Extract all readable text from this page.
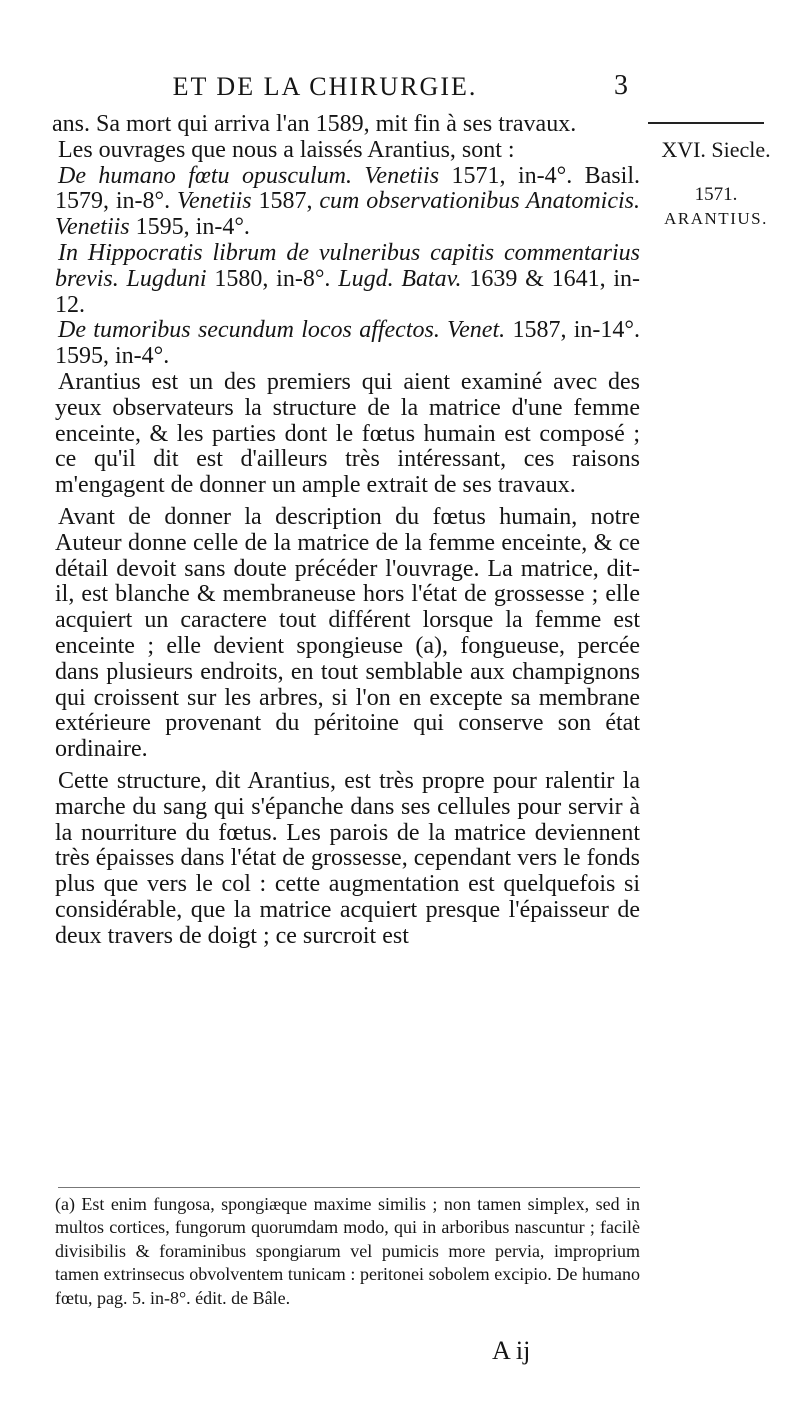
ET DE LA CHIRURGIE.	3
XVI. Siecle.
1571.
ARANTIUS.

ans. Sa mort qui arriva l'an 1589, mit fin à ses travaux.

Les ouvrages que nous a laissés Arantius, sont :

De humano fœtu opusculum. Venetiis 1571, in-4°. Basil. 1579, in-8°. Venetiis 1587, cum observationibus Anatomicis. Venetiis 1595, in-4°.

In Hippocratis librum de vulneribus capitis commentarius brevis. Lugduni 1580, in-8°. Lugd. Batav. 1639 & 1641, in-12.

De tumoribus secundum locos affectos. Venet. 1587, in-14°. 1595, in-4°.

Arantius est un des premiers qui aient examiné avec des yeux observateurs la structure de la matrice d'une femme enceinte, & les parties dont le fœtus humain est composé ; ce qu'il dit est d'ailleurs très intéressant, ces raisons m'engagent de donner un ample extrait de ses travaux.

Avant de donner la description du fœtus humain, notre Auteur donne celle de la matrice de la femme enceinte, & ce détail devoit sans doute précéder l'ouvrage. La matrice, dit-il, est blanche & membraneuse hors l'état de grossesse ; elle acquiert un caractere tout différent lorsque la femme est enceinte ; elle devient spongieuse (a), fongueuse, percée dans plusieurs endroits, en tout semblable aux champignons qui croissent sur les arbres, si l'on en excepte sa membrane extérieure provenant du péritoine qui conserve son état ordinaire.

Cette structure, dit Arantius, est très propre pour ralentir la marche du sang qui s'épanche dans ses cellules pour servir à la nourriture du fœtus. Les parois de la matrice deviennent très épaisses dans l'état de grossesse, cependant vers le fonds plus que vers le col : cette augmentation est quelquefois si considérable, que la matrice acquiert presque l'épaisseur de deux travers de doigt ; ce surcroit est

(a) Est enim fungosa, spongiæque maxime similis ; non tamen simplex, sed in multos cortices, fungorum quorumdam modo, qui in arboribus nascuntur ; facilè divisibilis & foraminibus spongiarum vel pumicis more pervia, improprium tamen extrinsecus obvolventem tunicam : peritonei sobolem excipio. De humano fœtu, pag. 5. in-8°. édit. de Bâle.

A ij
